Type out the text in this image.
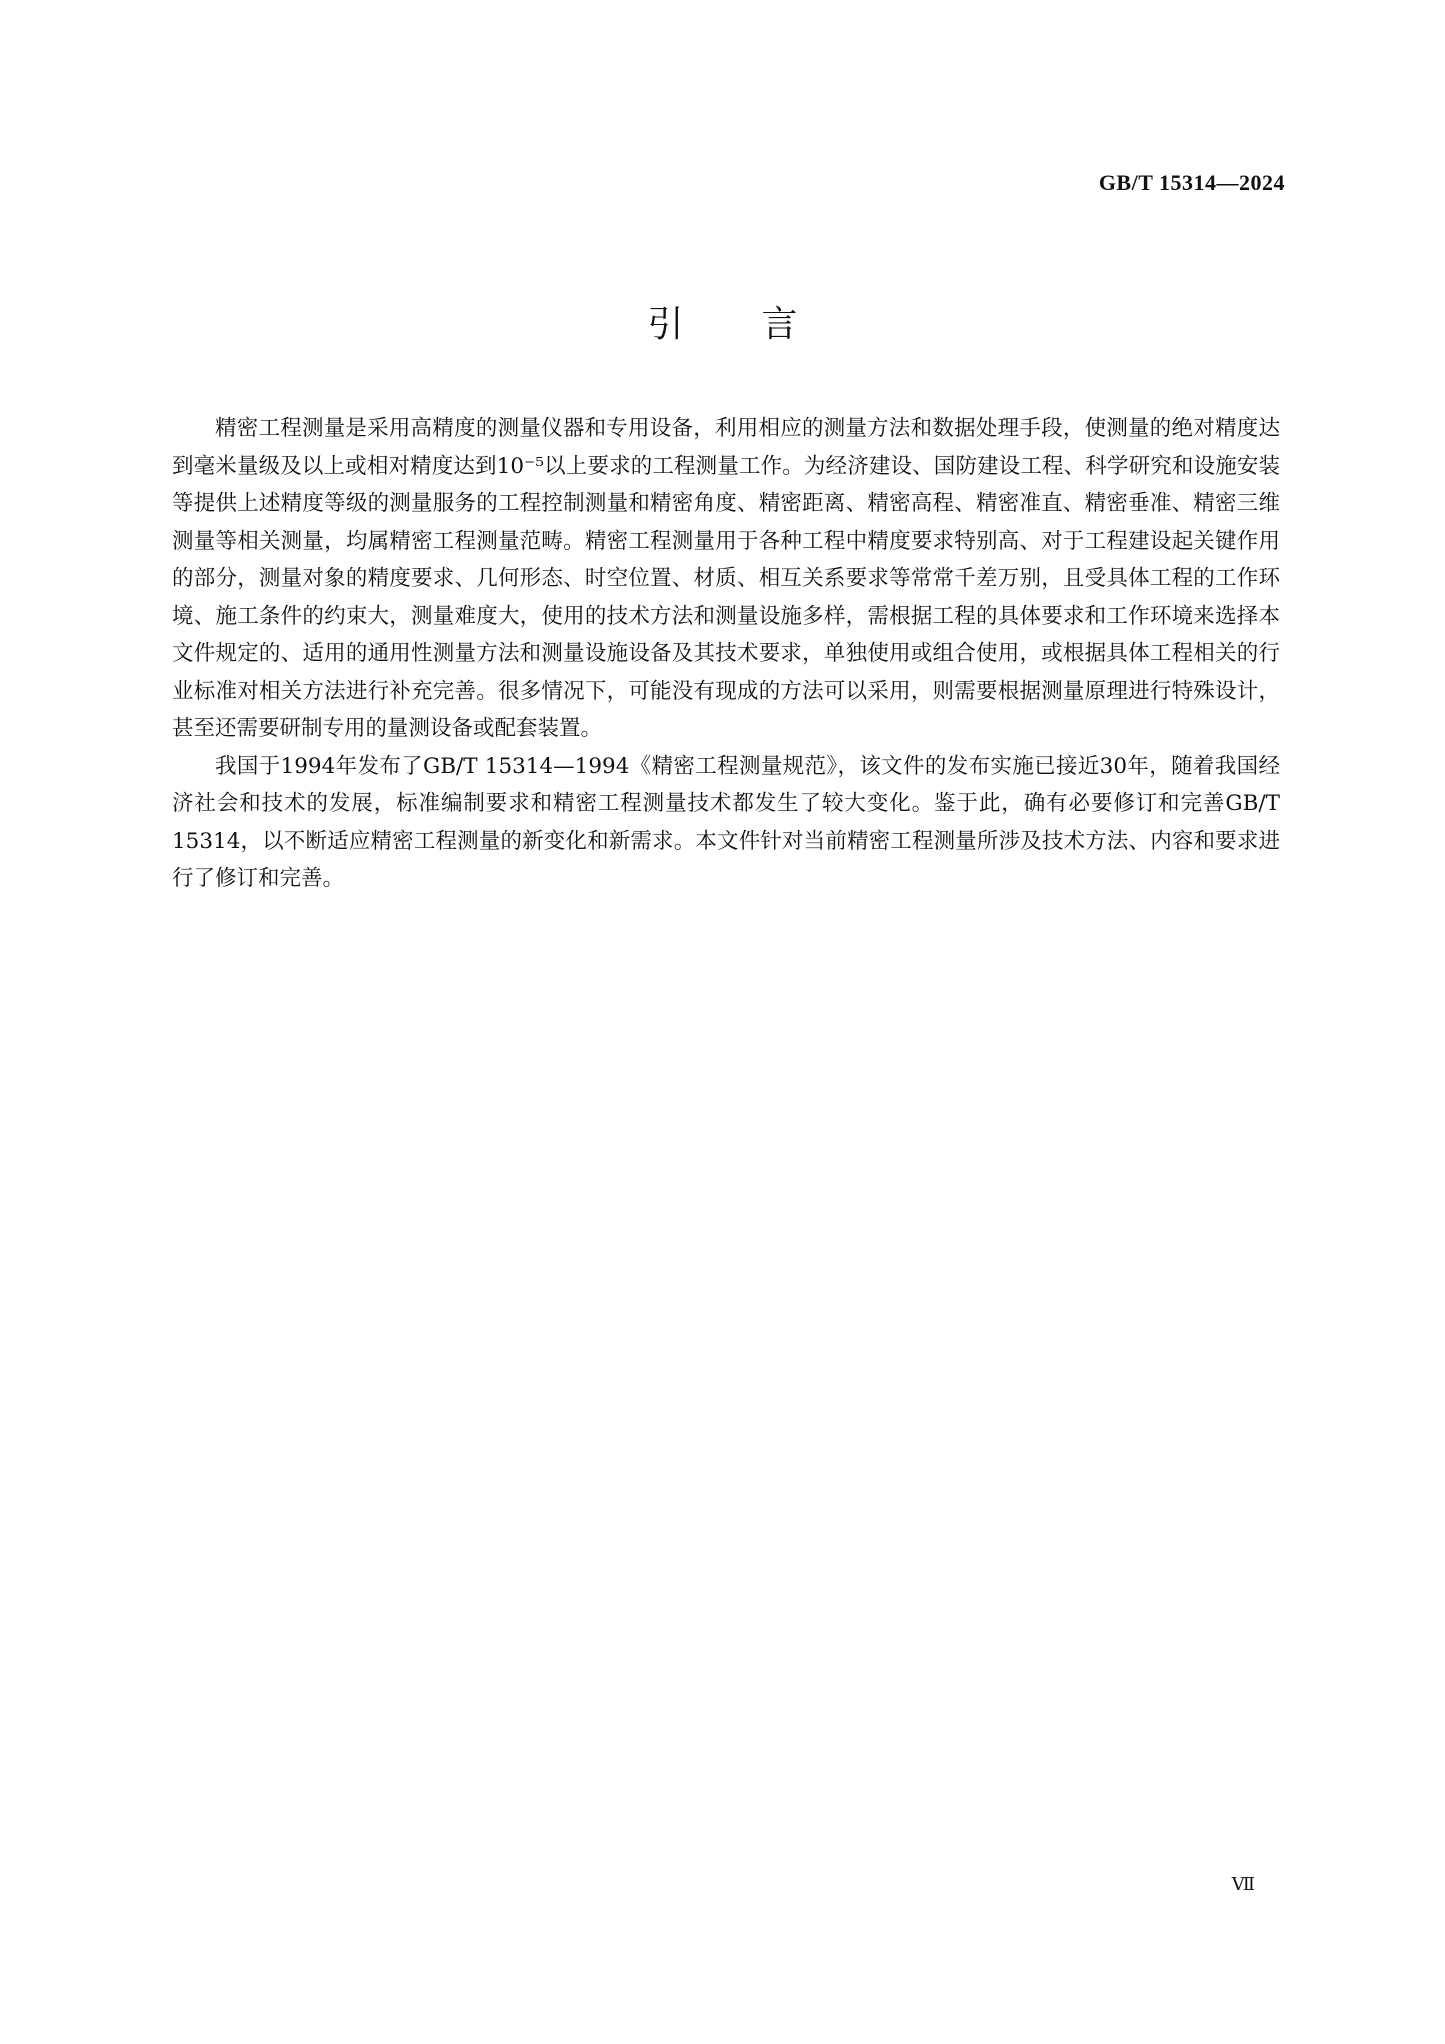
GB/T 15314—2024
引言

精密工程测量是采用高精度的测量仪器和专用设备，利用相应的测量方法和数据处理手段，使测量的绝对精度达到毫米量级及以上或相对精度达到10⁻⁵以上要求的工程测量工作。为经济建设、国防建设工程、科学研究和设施安装等提供上述精度等级的测量服务的工程控制测量和精密角度、精密距离、精密高程、精密准直、精密垂准、精密三维测量等相关测量，均属精密工程测量范畴。精密工程测量用于各种工程中精度要求特别高、对于工程建设起关键作用的部分，测量对象的精度要求、几何形态、时空位置、材质、相互关系要求等常常千差万别，且受具体工程的工作环境、施工条件的约束大，测量难度大，使用的技术方法和测量设施多样，需根据工程的具体要求和工作环境来选择本文件规定的、适用的通用性测量方法和测量设施设备及其技术要求，单独使用或组合使用，或根据具体工程相关的行业标准对相关方法进行补充完善。很多情况下，可能没有现成的方法可以采用，则需要根据测量原理进行特殊设计，甚至还需要研制专用的量测设备或配套装置。

我国于1994年发布了GB/T 15314—1994《精密工程测量规范》，该文件的发布实施已接近30年，随着我国经济社会和技术的发展，标准编制要求和精密工程测量技术都发生了较大变化。鉴于此，确有必要修订和完善GB/T 15314，以不断适应精密工程测量的新变化和新需求。本文件针对当前精密工程测量所涉及技术方法、内容和要求进行了修订和完善。

Ⅶ
